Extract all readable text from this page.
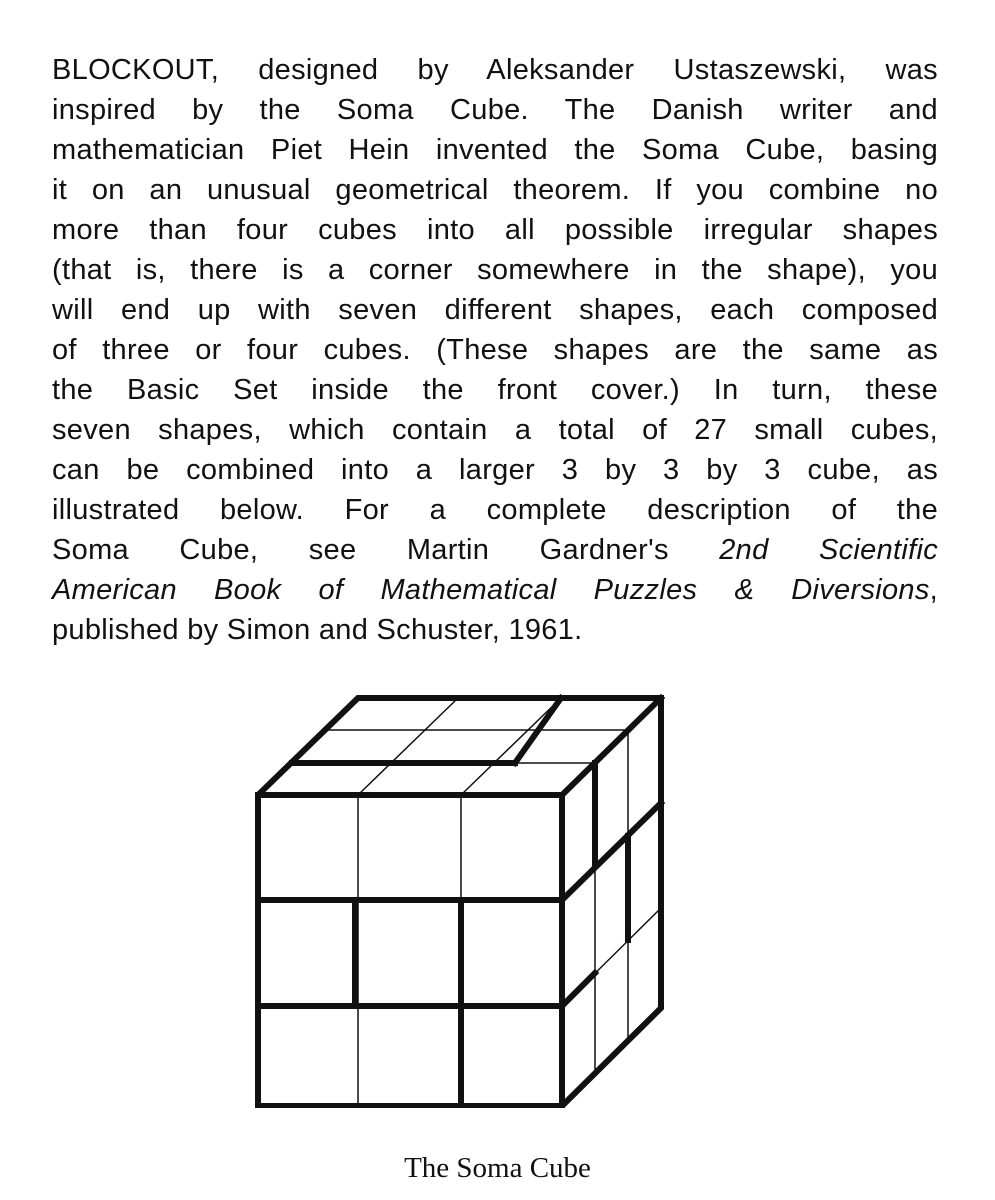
BLOCKOUT, designed by Aleksander Ustaszewski, was
inspired by the Soma Cube. The Danish writer and
mathematician Piet Hein invented the Soma Cube, basing
it on an unusual geometrical theorem. If you combine no
more than four cubes into all possible irregular shapes
(that is, there is a corner somewhere in the shape), you
will end up with seven different shapes, each composed
of three or four cubes. (These shapes are the same as
the Basic Set inside the front cover.) In turn, these
seven shapes, which contain a total of 27 small cubes,
can be combined into a larger 3 by 3 by 3 cube, as
illustrated below. For a complete description of the
Soma Cube, see Martin Gardner's 2nd Scientific
American Book of Mathematical Puzzles & Diversions,
published by Simon and Schuster, 1961.

The Soma Cube
